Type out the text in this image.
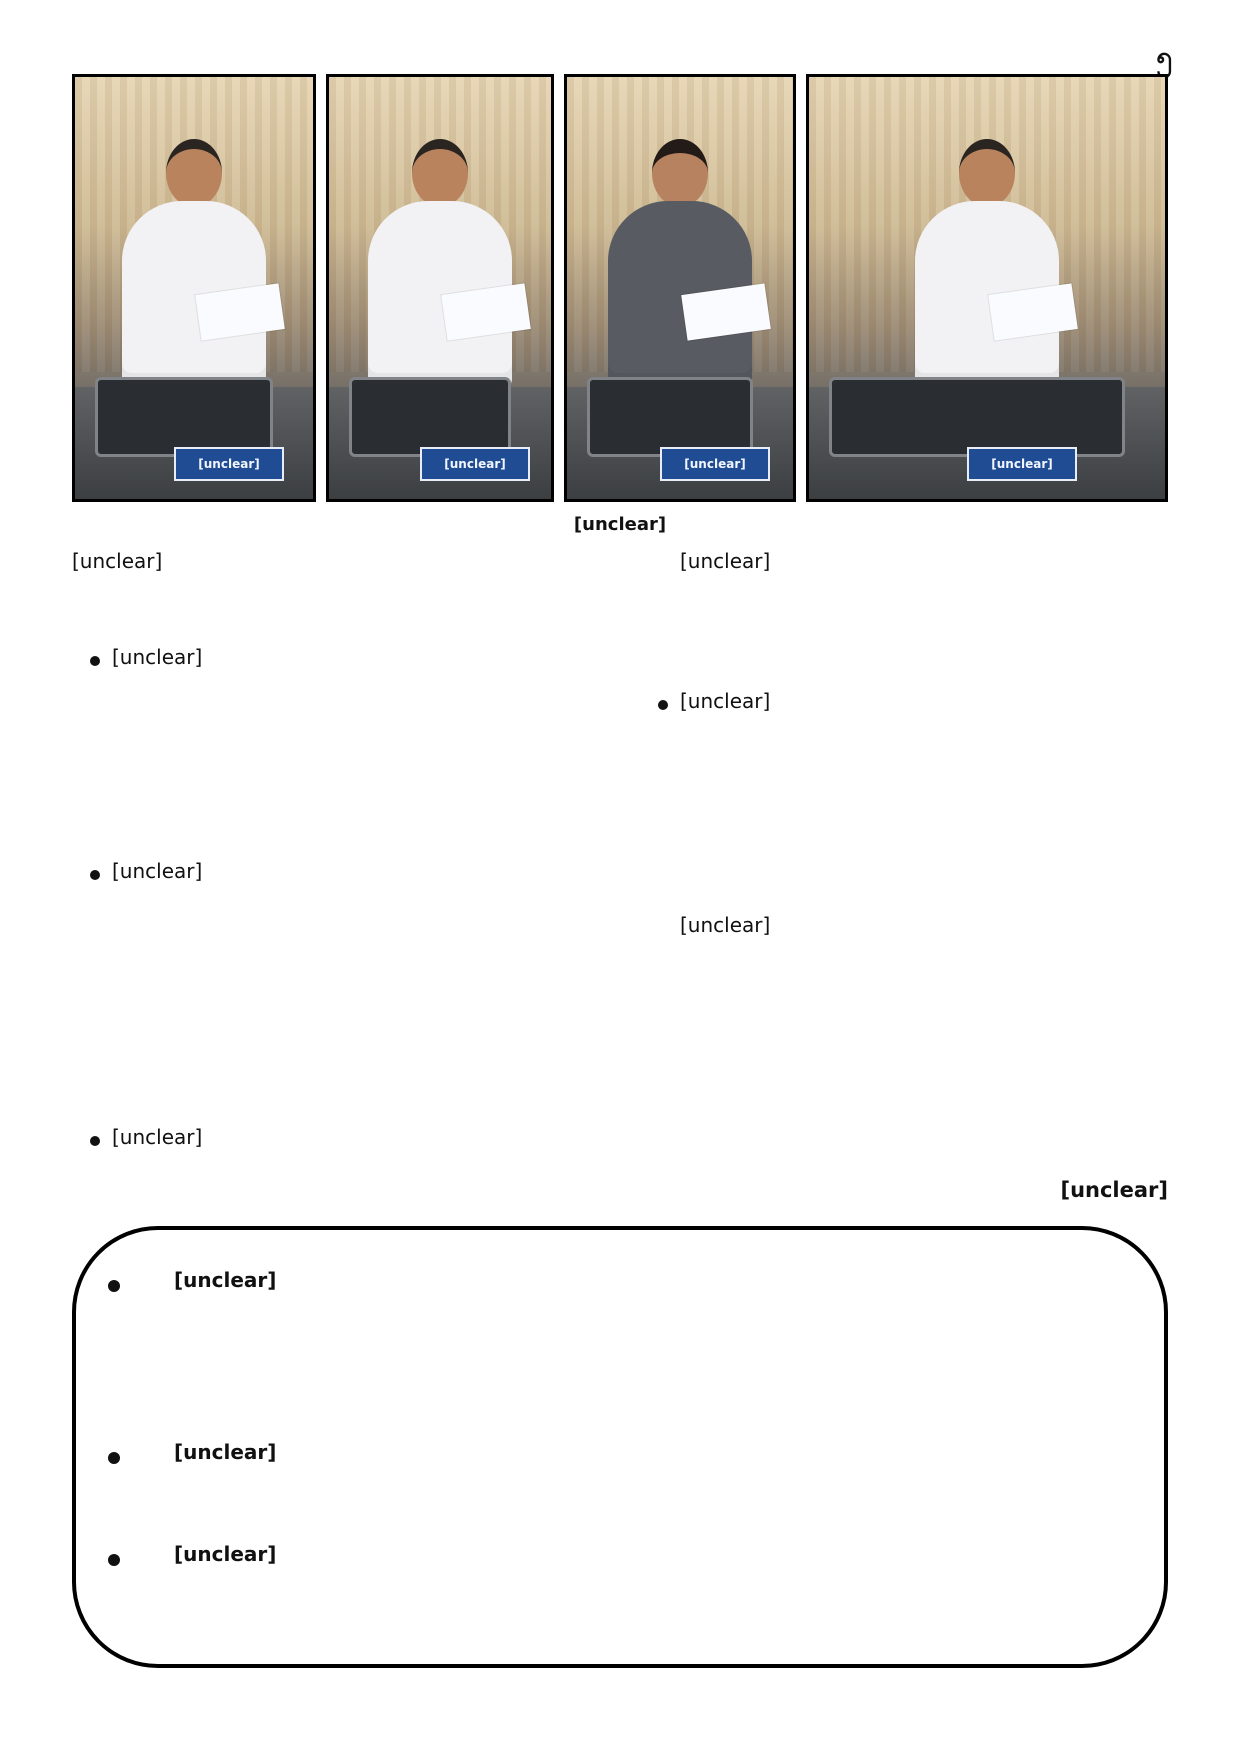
၅
[unclear]	[unclear]	[unclear]	[unclear]
[unclear]

[unclear]

[unclear]

[unclear]

[unclear]

[unclear]

[unclear]

[unclear]

[unclear]

[unclear]

[unclear]

[unclear]
